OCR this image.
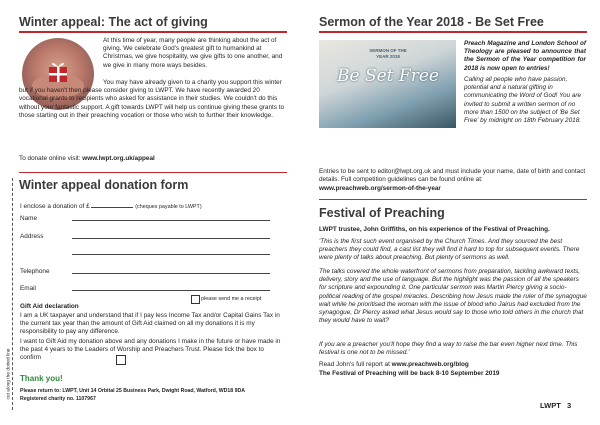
Winter appeal: The act of giving

At this time of year, many people are thinking about the act of giving. We celebrate God's greatest gift to humankind at Christmas, we give hospitality, we give gifts to one another, and we give in many more ways besides.

You may have already given to a charity you support this winter but if you haven't then please consider giving to LWPT. We have recently awarded 20 vocational grants to recipients who asked for assistance in their studies. We couldn't do this without your fantastic support. A gift towards LWPT will help us continue giving these grants to those starting out in their preaching vocation or those who wish to further their knowledge.

To donate online visit: www.lwpt.org.uk/appeal
Winter appeal donation form
I enclose a donation of £	(cheques payable to LWPT)
Name
Address
Telephone
Email
please send me a receipt
Gift Aid declaration

I am a UK taxpayer and understand that if I pay less Income Tax and/or Capital Gains Tax in the current tax year than the amount of Gift Aid claimed on all my donations it is my responsibility to pay any difference.

I want to Gift Aid my donation above and any donations I make in the future or have made in the past 4 years to the Leaders of Worship and Preachers Trust. Please tick the box to confirm

Thank you!
Please return to: LWPT, Unit 14 Orbital 25 Business Park, Dwight Road, Watford, WD18 9DA
Registered charity no. 1107967
cut along the dotted line
Sermon of the Year 2018 - Be Set Free
SERMON OF THE YEAR 2018
Be Set Free

Preach Magazine and London School of Theology are pleased to announce that the Sermon of the Year competition for 2018 is now open to entries!

Calling all people who have passion, potential and a natural gifting in communicating the Word of God! You are invited to submit a written sermon of no more than 1500 on the subject of 'Be Set Free' by midnight on 18th February 2018.

Entries to be sent to editor@lwpt.org.uk and must include your name, date of birth and contact details. Full competition guidelines can be found online at:

www.preachweb.org/sermon-of-the-year
Festival of Preaching

LWPT trustee, John Griffiths, on his experience of the Festival of Preaching.

'This is the first such event organised by the Church Times. And they sourced the best preachers they could find, a cast list they will find it hard to top for subsequent events. There were plenty of talks about preaching. But plenty of sermons as well.

The talks covered the whole waterfront of sermons from preparation, tackling awkward texts, delivery, story and the use of language. But the highlight was the passion of all the speakers for scripture and expounding it. One particular sermon was Martin Piercy giving a socio-political reading of the gospel miracles. Describing how Jesus made the ruler of the synagogue wait while he prioritised the woman with the issue of blood who Jairus had excluded from the synagogue, Dr Piercy asked what Jesus would say to those who told others in the church that they would have to wait?

If you are a preacher you'll hope they find a way to raise the bar even higher next time. This festival is one not to be missed.'

Read John's full report at www.preachweb.org/blog
The Festival of Preaching will be back 8-10 September 2019
LWPT 3
